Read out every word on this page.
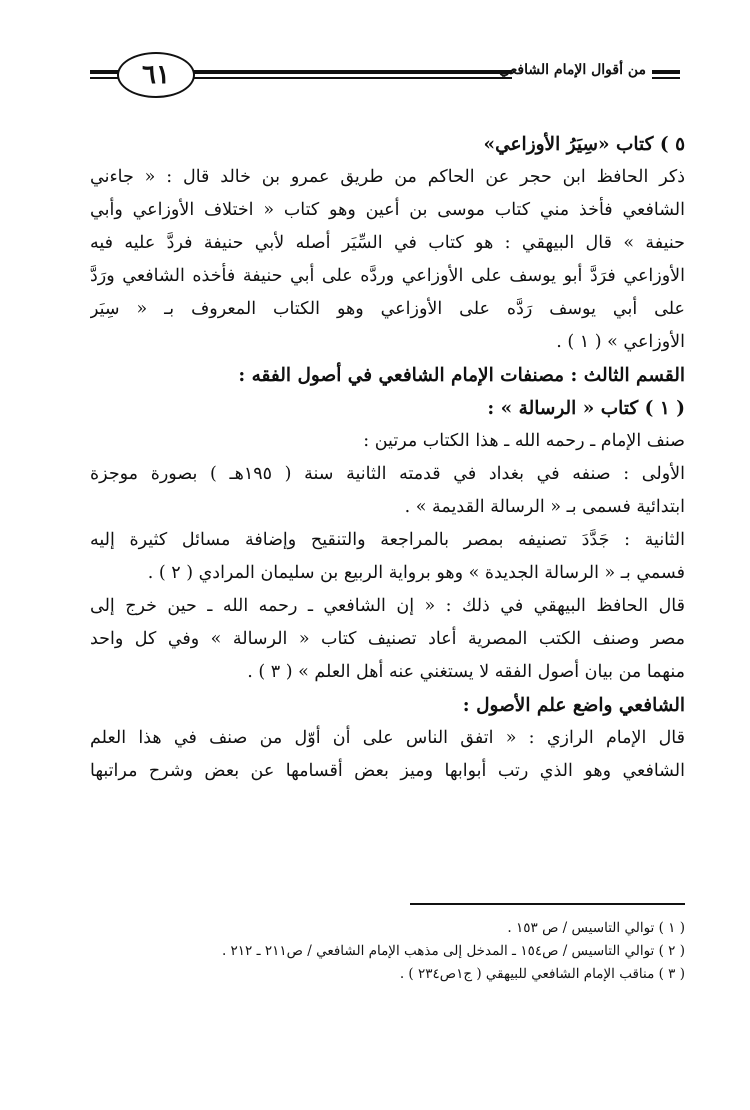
٦١	من أقوال الإمام الشافعي
٥ ) كتاب «سِيَرُ الأوزاعي»
ذكر الحافظ ابن حجر عن الحاكم من طريق عمرو بن خالد قال : « جاءني
الشافعي فأخذ مني كتاب موسى بن أعين وهو كتاب « اختلاف الأوزاعي وأبي
حنيفة » قال البيهقي : هو كتاب في السِّيَر أصله لأبي حنيفة فردَّ عليه فيه
الأوزاعي فرَدَّ أبو يوسف على الأوزاعي وردَّه على أبي حنيفة فأخذه الشافعي ورَدَّ
على أبي يوسف رَدَّه على الأوزاعي وهو الكتاب المعروف بـ « سِيَر
الأوزاعي » ( ١ ) .
القسم الثالث : مصنفات الإمام الشافعي في أصول الفقه :
( ١ ) كتاب « الرسالة » :
صنف الإمام ـ رحمه الله ـ هذا الكتاب مرتين :
الأولى : صنفه في بغداد في قدمته الثانية سنة ( ١٩٥هـ ) بصورة موجزة
ابتدائية فسمى بـ « الرسالة القديمة » .
الثانية : جَدَّدَ تصنيفه بمصر بالمراجعة والتنقيح وإضافة مسائل كثيرة إليه
فسمي بـ « الرسالة الجديدة » وهو برواية الربيع بن سليمان المرادي ( ٢ ) .
قال الحافظ البيهقي في ذلك : « إن الشافعي ـ رحمه الله ـ حين خرج إلى
مصر وصنف الكتب المصرية أعاد تصنيف كتاب « الرسالة » وفي كل واحد
منهما من بيان أصول الفقه لا يستغني عنه أهل العلم » ( ٣ ) .
الشافعي واضع علم الأصول :
قال الإمام الرازي : « اتفق الناس على أن أوّل من صنف في هذا العلم
الشافعي وهو الذي رتب أبوابها وميز بعض أقسامها عن بعض وشرح مراتبها
( ١ ) توالي التاسيس / ص ١٥٣ .
( ٢ ) توالي التاسيس / ص١٥٤ ـ المدخل إلى مذهب الإمام الشافعي / ص٢١١ ـ ٢١٢ .
( ٣ ) مناقب الإمام الشافعي للبيهقي ( ج١ص٢٣٤ ) .
